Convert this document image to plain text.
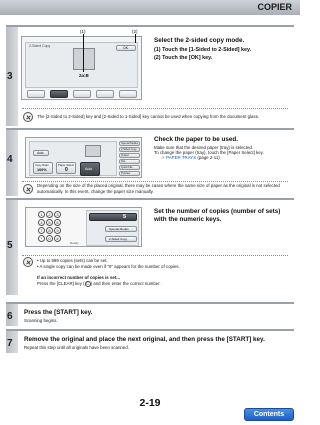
COPIER
3
2-Sided Copy
2a:B
OK
(1)	(2)
Select the 2-sided copy mode.
(1) Touch the [1-Sided to 2-Sided] key.
(2) Touch the [OK] key.
The [2-Sided to 2-Sided] key and [2-Sided to 1-Sided] key cannot be used when copying from the document glass.
4
Auto
Copy Ratio
100%
Paper Select
0	Auto
Special Modes
2-Sided Copy
Output
File
Quick File
Preview
Check the paper to be used.
Make sure that the desired paper (tray) is selected.
To change the paper (tray), touch the [Paper Select] key.
☞ PAPER TRAYS (page 2-11)
Depending on the size of the placed original, there may be cases where the same size of paper as the original is not selected automatically. In this event, change the paper size manually.
5
1	2	3
4	5	6
7	8	9
*	0	#
Ready
5
Special Modes
2-Sided Copy
Set the number of copies (number of sets) with the numeric keys.
• Up to 999 copies (sets) can be set.
• A single copy can be made even if "0" appears for the number of copies.
If an incorrect number of copies is set...
Press the [CLEAR] key ( C ) and then enter the correct number.
6 Press the [START] key.
Scanning begins.
7 Remove the original and place the next original, and then press the [START] key.
Repeat this step until all originals have been scanned.
2-19
Contents
